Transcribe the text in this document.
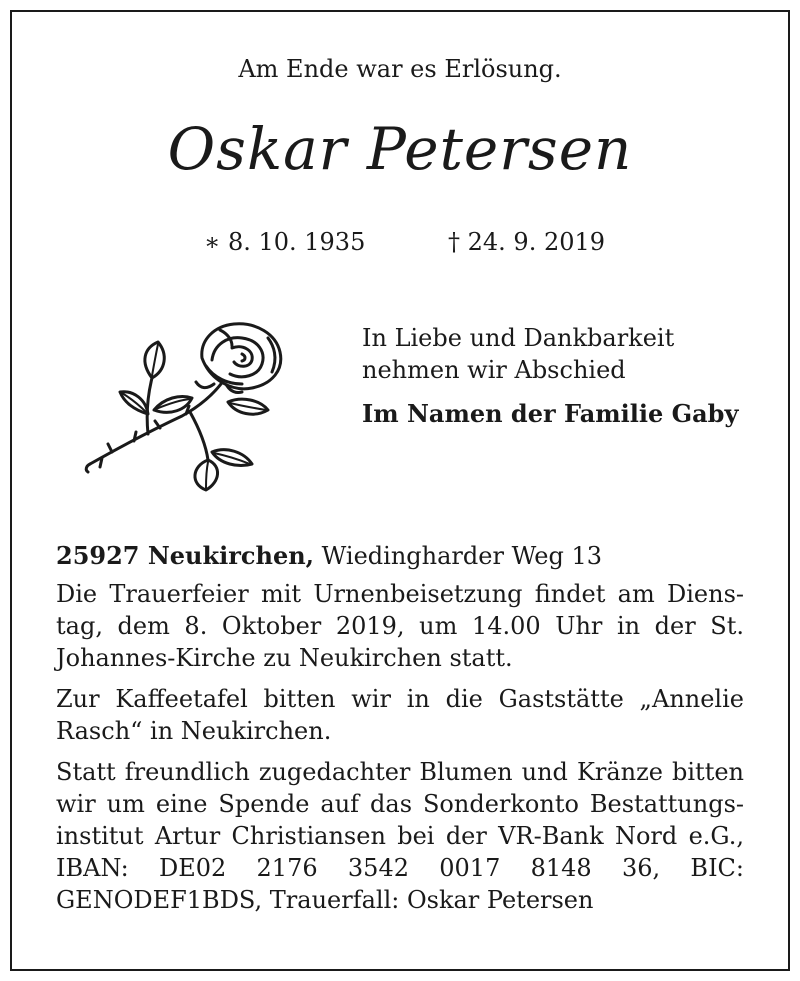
Am Ende war es Erlösung.
Oskar Petersen
∗ 8. 10. 1935	† 24. 9. 2019
In Liebe und Dankbarkeit
nehmen wir Abschied
Im Namen der Familie Gaby

25927 Neukirchen, Wiedingharder Weg 13

Die Trauerfeier mit Urnenbeisetzung findet am Dienstag, dem 8. Oktober 2019, um 14.00 Uhr in der St. Johannes-Kirche zu Neukirchen statt.

Zur Kaffeetafel bitten wir in die Gaststätte „Annelie Rasch“ in Neukirchen.

Statt freundlich zugedachter Blumen und Kränze bitten wir um eine Spende auf das Sonderkonto Bestattungsinstitut Artur Christiansen bei der VR-Bank Nord e.G., IBAN: DE02 2176 3542 0017 8148 36, BIC: GENODEF1BDS, Trauerfall: Oskar Petersen
